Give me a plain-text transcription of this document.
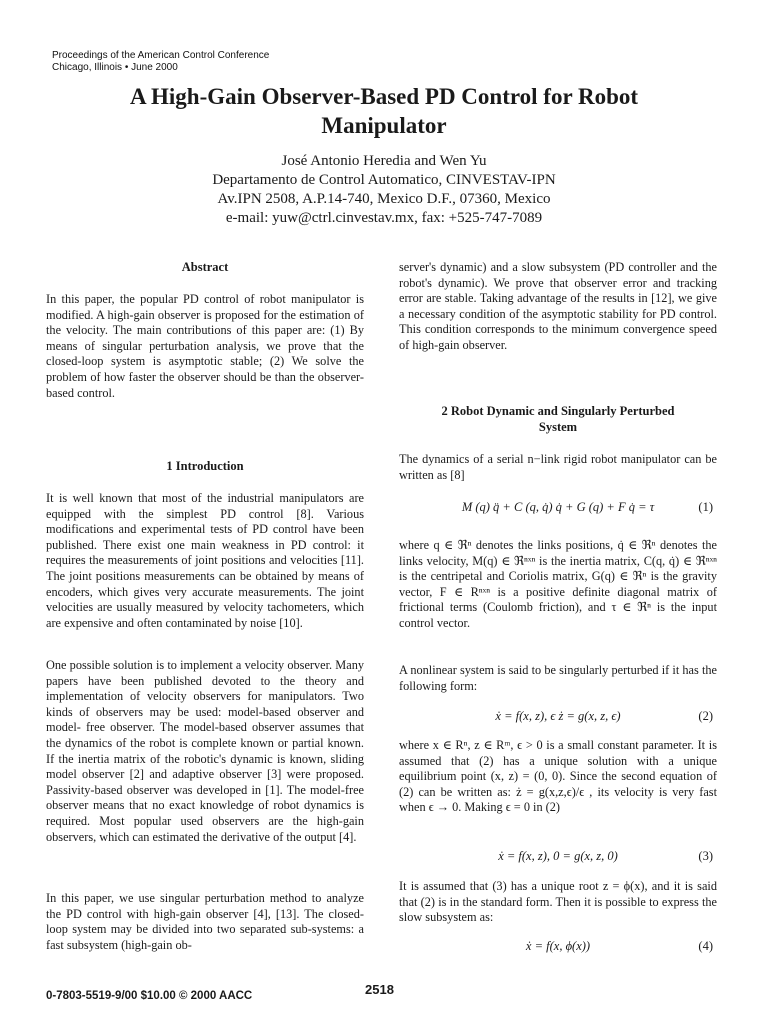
Proceedings of the American Control Conference
Chicago, Illinois • June 2000
A High-Gain Observer-Based PD Control for Robot
Manipulator
José Antonio Heredia and Wen Yu
Departamento de Control Automatico, CINVESTAV-IPN
Av.IPN 2508, A.P.14-740, Mexico D.F., 07360, Mexico
e-mail: yuw@ctrl.cinvestav.mx, fax: +525-747-7089
Abstract

In this paper, the popular PD control of robot manipulator is modified. A high-gain observer is proposed for the estimation of the velocity. The main contributions of this paper are: (1) By means of singular perturbation analysis, we prove that the closed-loop system is asymptotic stable; (2) We solve the problem of how faster the observer should be than the observer-based control.

1 Introduction

It is well known that most of the industrial manipulators are equipped with the simplest PD control [8]. Various modifications and experimental tests of PD control have been published. There exist one main weakness in PD control: it requires the measurements of joint positions and velocities [11]. The joint positions measurements can be obtained by means of encoders, which gives very accurate measurements. The joint velocities are usually measured by velocity tachometers, which are expensive and often contaminated by noise [10].

One possible solution is to implement a velocity observer. Many papers have been published devoted to the theory and implementation of velocity observers for manipulators. Two kinds of observers may be used: model-based observer and model- free observer. The model-based observer assumes that the dynamics of the robot is complete known or partial known. If the inertia matrix of the robotic's dynamic is known, sliding model observer [2] and adaptive observer [3] were proposed. Passivity-based observer was developed in [1]. The model-free observer means that no exact knowledge of robot dynamics is required. Most popular used observers are the high-gain observers, which can estimated the derivative of the output [4].

In this paper, we use singular perturbation method to analyze the PD control with high-gain observer [4], [13]. The closed-loop system may be divided into two separated sub-systems: a fast subsystem (high-gain ob-

server's dynamic) and a slow subsystem (PD controller and the robot's dynamic). We prove that observer error and tracking error are stable. Taking advantage of the results in [12], we give a necessary condition of the asymptotic stability for PD control. This condition corresponds to the minimum convergence speed of high-gain observer.

2 Robot Dynamic and Singularly Perturbed
System

The dynamics of a serial n−link rigid robot manipulator can be written as [8]

M (q) q̈ + C (q, q̇) q̇ + G (q) + F q̇ = τ	(1)

where q ∈ ℜⁿ denotes the links positions, q̇ ∈ ℜⁿ denotes the links velocity, M(q) ∈ ℜⁿˣⁿ is the inertia matrix, C(q, q̇) ∈ ℜⁿˣⁿ is the centripetal and Coriolis matrix, G(q) ∈ ℜⁿ is the gravity vector, F ∈ Rⁿˣⁿ is a positive definite diagonal matrix of frictional terms (Coulomb friction), and τ ∈ ℜⁿ is the input control vector.

A nonlinear system is said to be singularly perturbed if it has the following form:

ẋ = f(x, z), ϵ ż = g(x, z, ϵ)	(2)

where x ∈ Rⁿ, z ∈ Rᵐ, ϵ > 0 is a small constant parameter. It is assumed that (2) has a unique solution with a unique equilibrium point (x, z) = (0, 0). Since the second equation of (2) can be written as: ż = g(x,z,ϵ)/ϵ , its velocity is very fast when ϵ → 0. Making ϵ = 0 in (2)

ẋ = f(x, z), 0 = g(x, z, 0)	(3)

It is assumed that (3) has a unique root z = ϕ(x), and it is said that (2) is in the standard form. Then it is possible to express the slow subsystem as:

ẋ = f(x, ϕ(x))	(4)
2518
0-7803-5519-9/00 $10.00 © 2000 AACC
